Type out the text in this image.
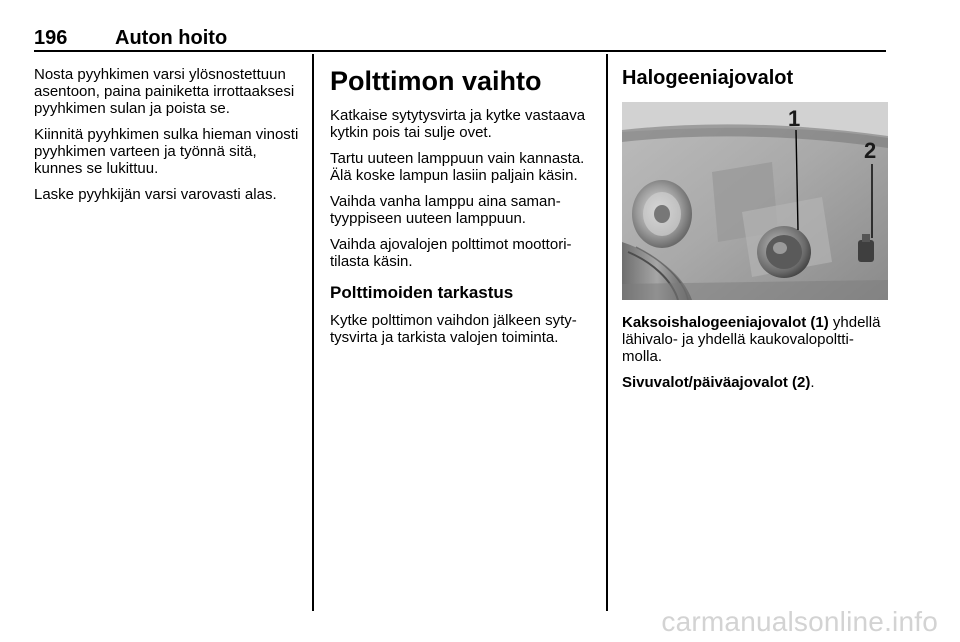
196 Auton hoito

Nosta pyyhkimen varsi ylösnostettuun asentoon, paina painiketta irrottaaksesi pyyhkimen sulan ja poista se.

Kiinnitä pyyhkimen sulka hieman vinosti pyyhkimen varteen ja työnnä sitä, kunnes se lukittuu.

Laske pyyhkijän varsi varovasti alas.

Polttimon vaihto

Katkaise sytytysvirta ja kytke vastaava kytkin pois tai sulje ovet.

Tartu uuteen lamppuun vain kannasta. Älä koske lampun lasiin paljain käsin.

Vaihda vanha lamppu aina samantyyppiseen uuteen lamppuun.

Vaihda ajovalojen polttimot moottoritilasta käsin.

Polttimoiden tarkastus

Kytke polttimon vaihdon jälkeen sytytysvirta ja tarkista valojen toiminta.

Halogeeniajovalot
1
2

Kaksoishalogeeniajovalot (1) yhdellä lähivalo- ja yhdellä kaukovalopolttimolla.

Sivuvalot/päiväajovalot (2).

carmanualsonline.info
